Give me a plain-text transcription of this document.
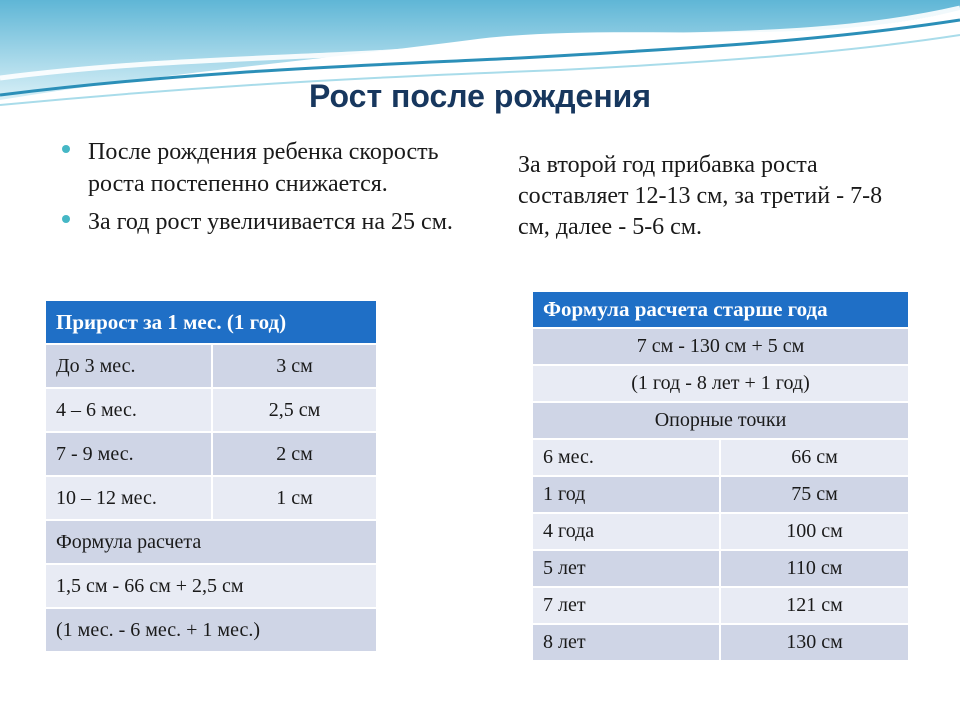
Рост после рождения
После рождения ребенка скорость роста постепенно снижается.
За год рост увеличивается на 25 см.
За второй год прибавка роста составляет 12-13 см, за третий - 7-8 см, далее - 5-6 см.
Прирост за 1 мес. (1 год)	
До 3 мес.	3 см
4 – 6 мес.	2,5 см
7 - 9 мес.	2 см
10 – 12 мес.	1 см
Формула расчета	
1,5 см - 66 см + 2,5 см	
(1 мес. - 6 мес. + 1 мес.)	
Формула расчета старше года	
7 см - 130 см + 5 см	
(1 год - 8 лет + 1 год)	
Опорные точки	
6 мес.	66 см
1 год	75 см
4 года	100 см
5 лет	110 см
7 лет	121 см
8 лет	130 см
